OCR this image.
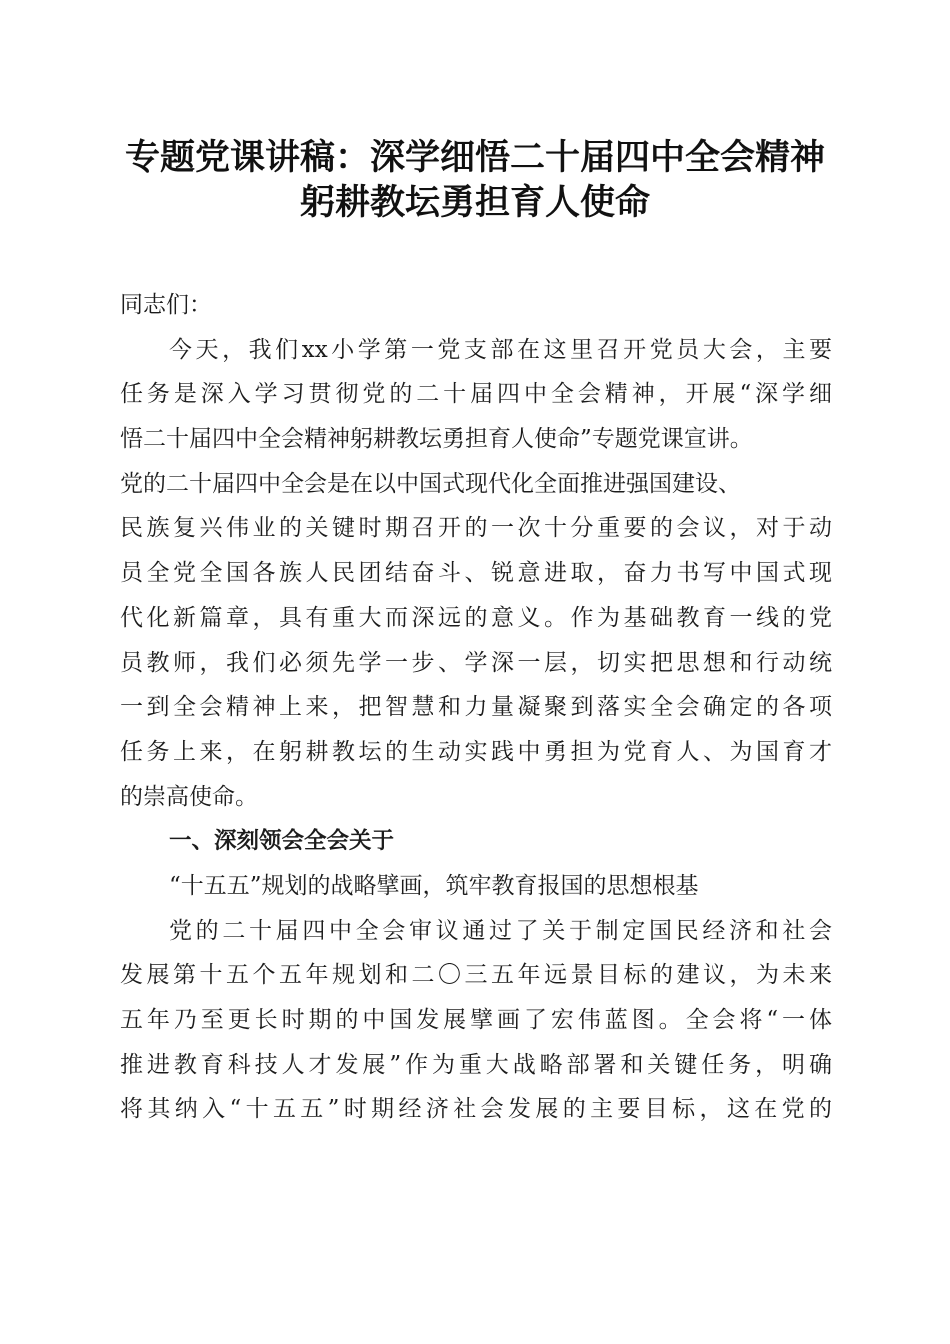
专题党课讲稿：深学细悟二十届四中全会精神
躬耕教坛勇担育人使命
同志们：
今天，我们xx小学第一党支部在这里召开党员大会，主要
任务是深入学习贯彻党的二十届四中全会精神，开展“深学细
悟二十届四中全会精神躬耕教坛勇担育人使命”专题党课宣讲。
党的二十届四中全会是在以中国式现代化全面推进强国建设、
民族复兴伟业的关键时期召开的一次十分重要的会议，对于动
员全党全国各族人民团结奋斗、锐意进取，奋力书写中国式现
代化新篇章，具有重大而深远的意义。作为基础教育一线的党
员教师，我们必须先学一步、学深一层，切实把思想和行动统
一到全会精神上来，把智慧和力量凝聚到落实全会确定的各项
任务上来，在躬耕教坛的生动实践中勇担为党育人、为国育才
的崇高使命。
一、深刻领会全会关于
“十五五”规划的战略擘画，筑牢教育报国的思想根基
党的二十届四中全会审议通过了关于制定国民经济和社会
发展第十五个五年规划和二〇三五年远景目标的建议，为未来
五年乃至更长时期的中国发展擘画了宏伟蓝图。全会将“一体
推进教育科技人才发展”作为重大战略部署和关键任务，明确
将其纳入“十五五”时期经济社会发展的主要目标，这在党的
